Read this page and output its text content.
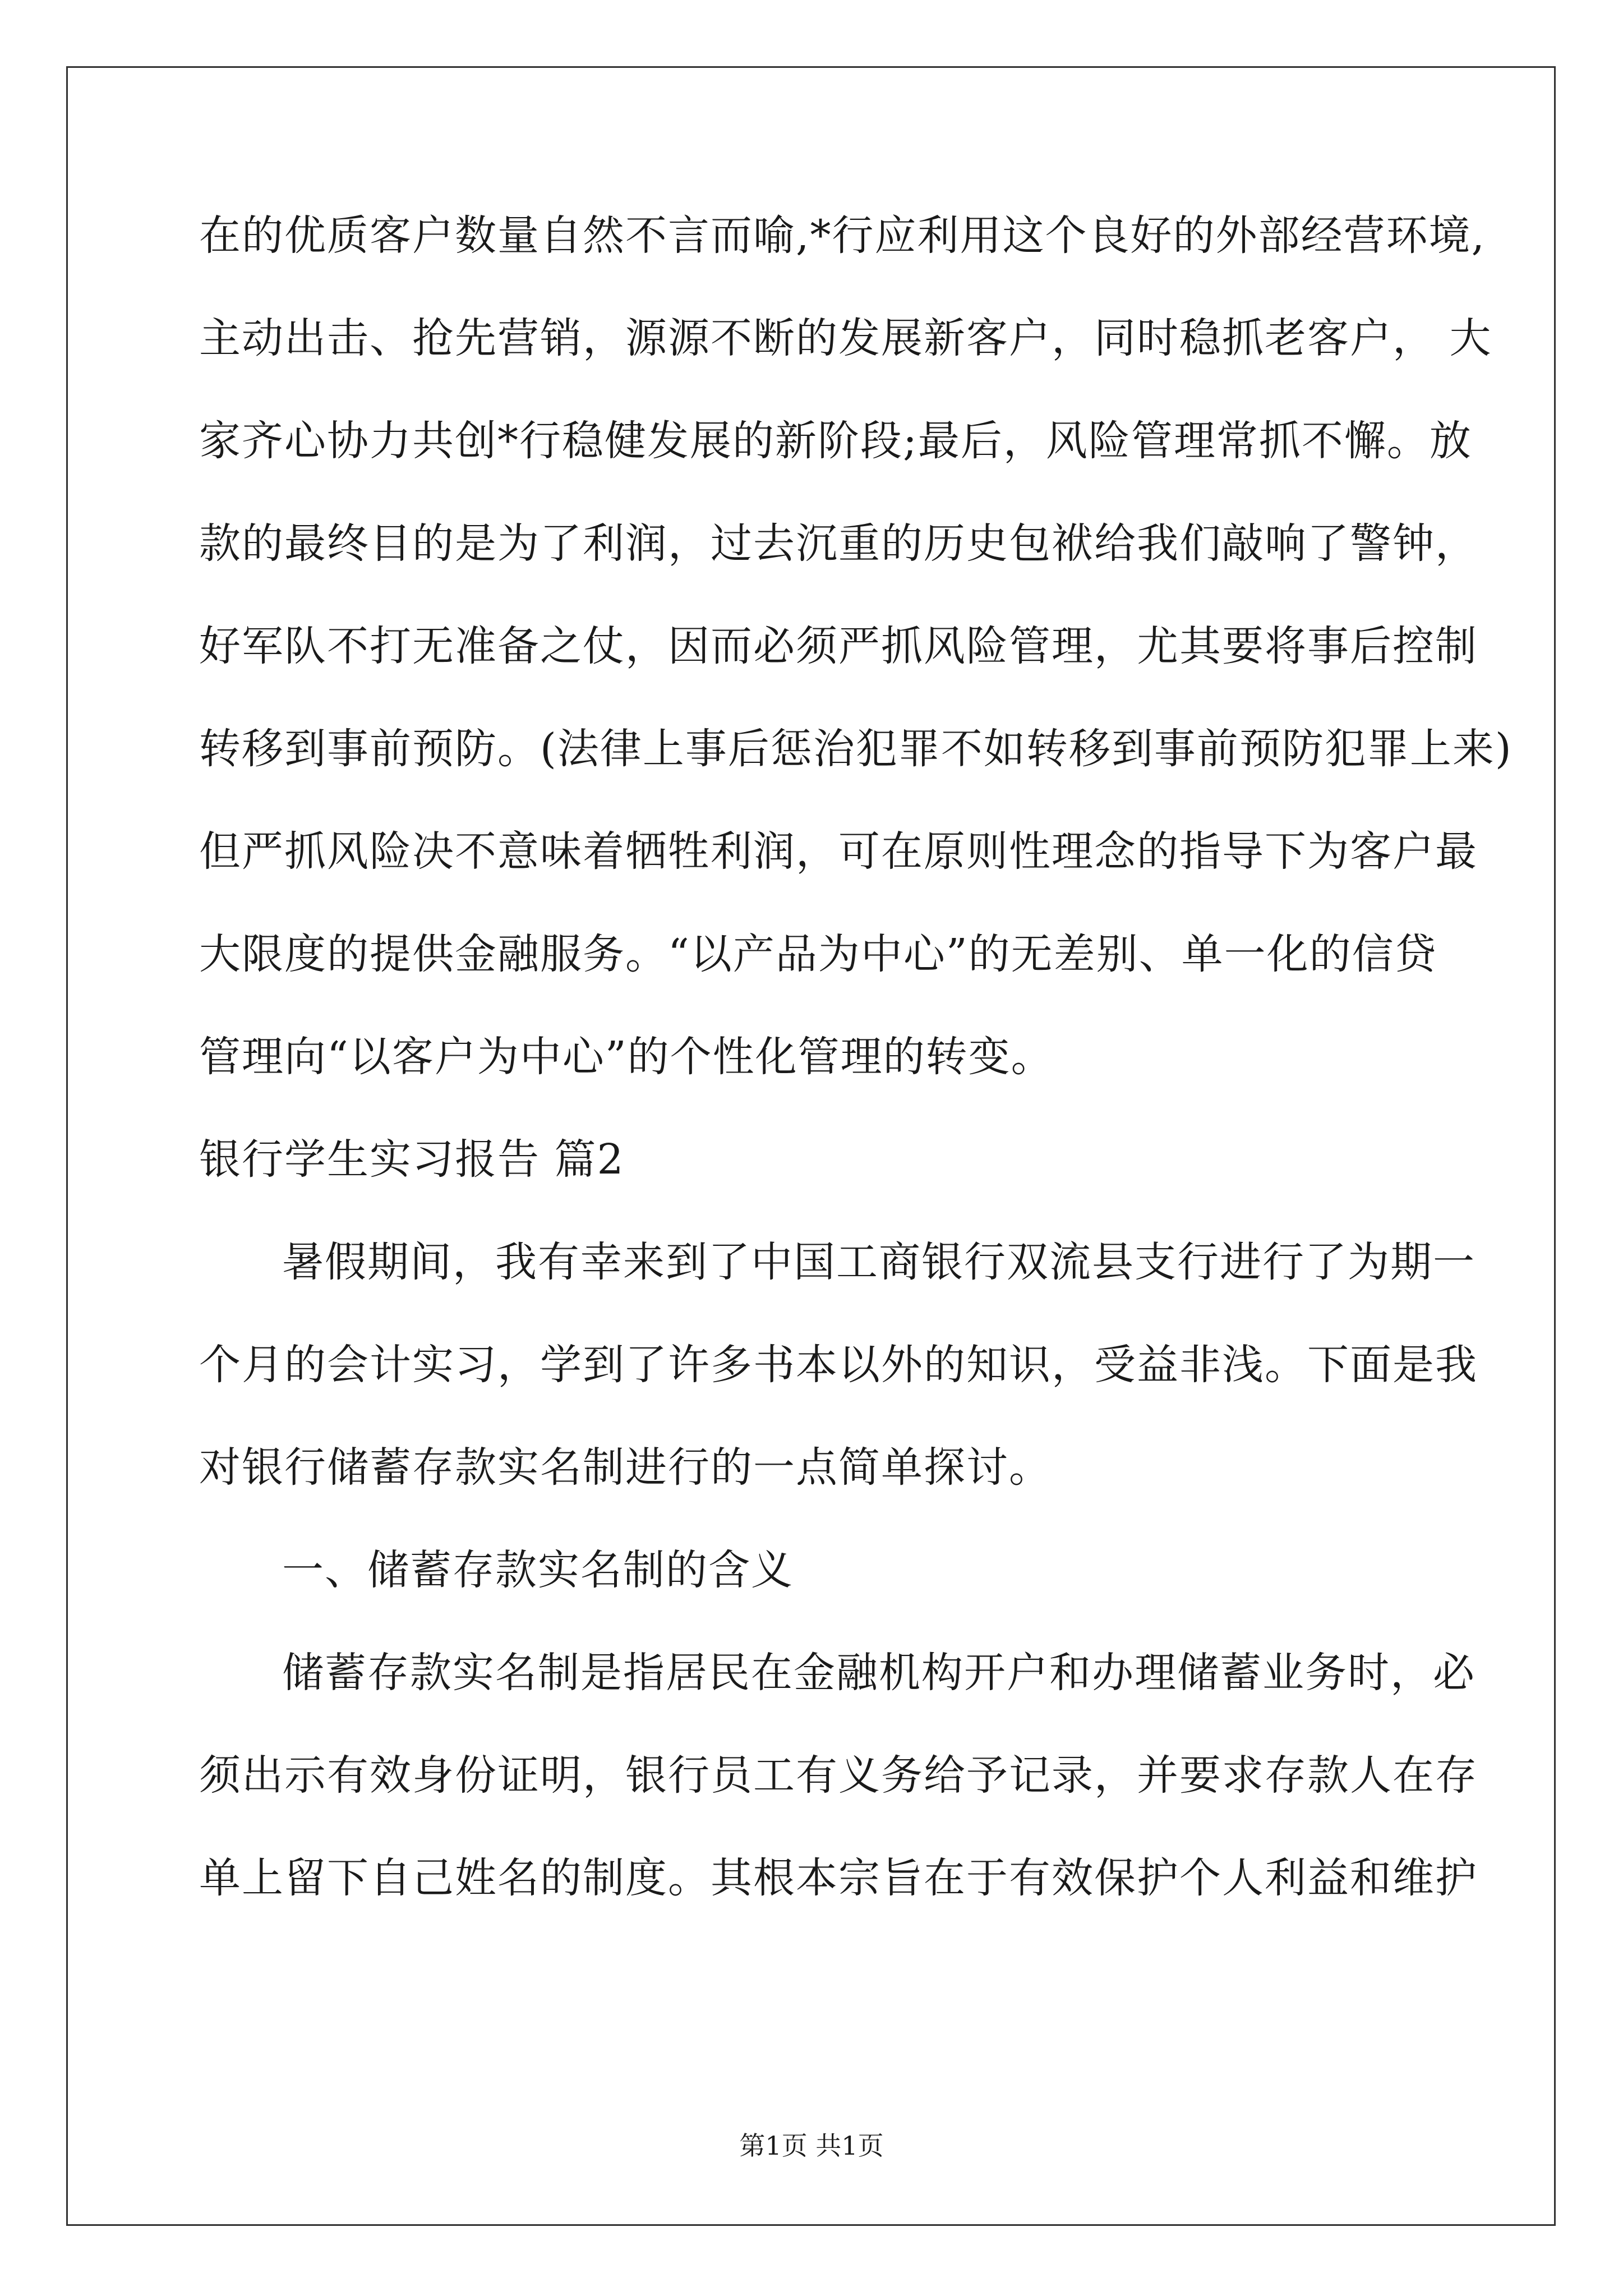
在的优质客户数量自然不言而喻,*行应利用这个良好的外部经营环境,
主动出击、抢先营销，源源不断的发展新客户，同时稳抓老客户， 大
家齐心协力共创*行稳健发展的新阶段;最后，风险管理常抓不懈。放
款的最终目的是为了利润，过去沉重的历史包袱给我们敲响了警钟，
好军队不打无准备之仗，因而必须严抓风险管理，尤其要将事后控制
转移到事前预防。(法律上事后惩治犯罪不如转移到事前预防犯罪上来)
但严抓风险决不意味着牺牲利润，可在原则性理念的指导下为客户最
大限度的提供金融服务。“以产品为中心”的无差别、单一化的信贷
管理向“以客户为中心”的个性化管理的转变。
银行学生实习报告 篇2
暑假期间，我有幸来到了中国工商银行双流县支行进行了为期一
个月的会计实习，学到了许多书本以外的知识，受益非浅。下面是我
对银行储蓄存款实名制进行的一点简单探讨。
一、储蓄存款实名制的含义
储蓄存款实名制是指居民在金融机构开户和办理储蓄业务时，必
须出示有效身份证明，银行员工有义务给予记录，并要求存款人在存
单上留下自己姓名的制度。其根本宗旨在于有效保护个人利益和维护
第1页 共1页
